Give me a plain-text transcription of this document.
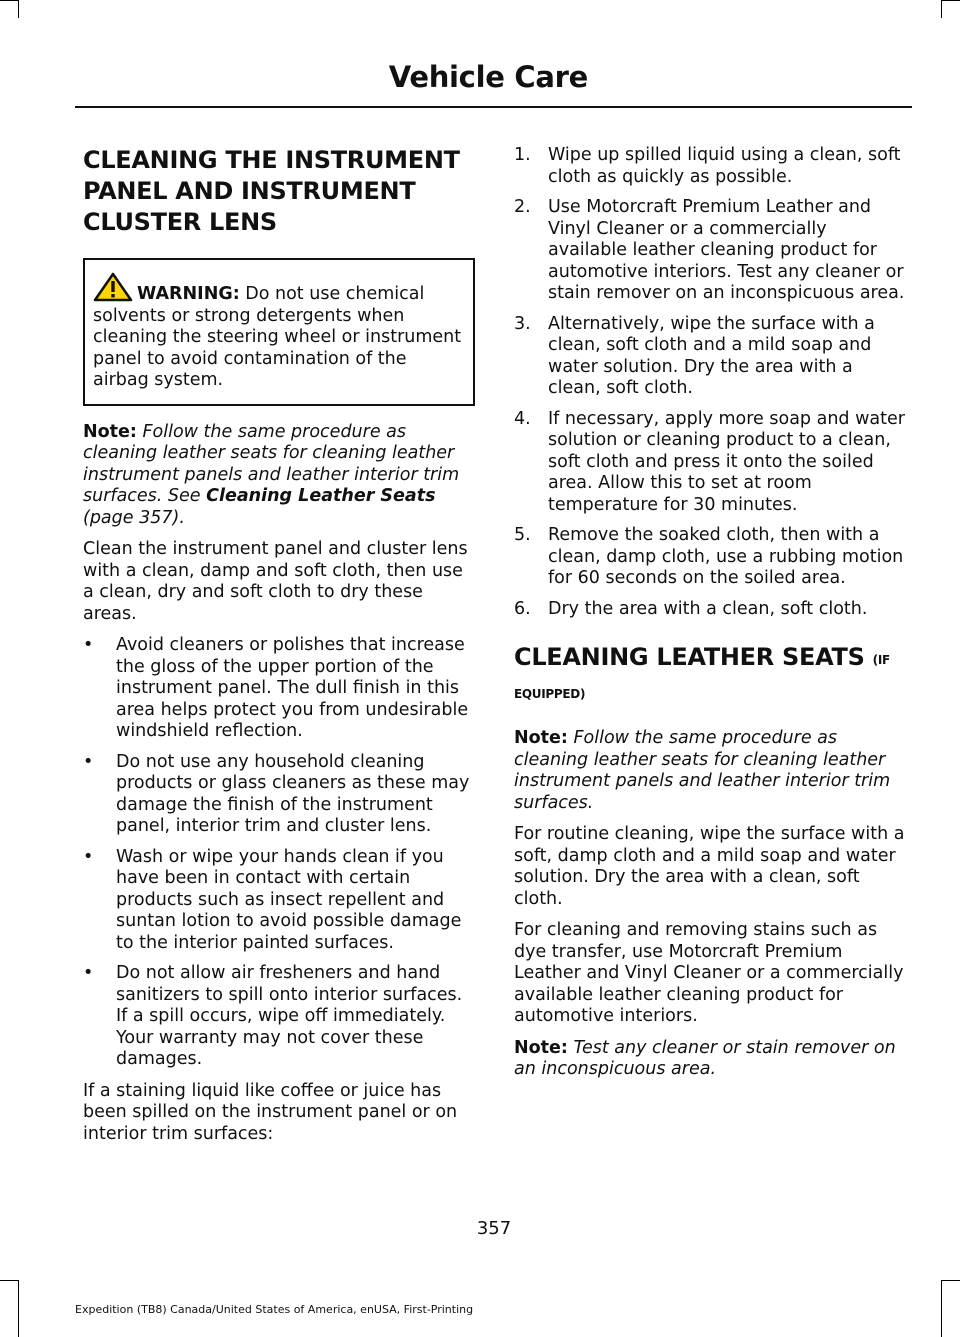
Vehicle Care
CLEANING THE INSTRUMENT
PANEL AND INSTRUMENT
CLUSTER LENS
WARNING: Do not use chemical solvents or strong detergents when cleaning the steering wheel or instrument panel to avoid contamination of the airbag system.

Note: Follow the same procedure as cleaning leather seats for cleaning leather instrument panels and leather interior trim surfaces. See Cleaning Leather Seats (page 357).

Clean the instrument panel and cluster lens with a clean, damp and soft cloth, then use a clean, dry and soft cloth to dry these areas.

• Avoid cleaners or polishes that increase the gloss of the upper portion of the instrument panel. The dull finish in this area helps protect you from undesirable windshield reflection.
• Do not use any household cleaning products or glass cleaners as these may damage the finish of the instrument panel, interior trim and cluster lens.
• Wash or wipe your hands clean if you have been in contact with certain products such as insect repellent and suntan lotion to avoid possible damage to the interior painted surfaces.
• Do not allow air fresheners and hand sanitizers to spill onto interior surfaces. If a spill occurs, wipe off immediately. Your warranty may not cover these damages.

If a staining liquid like coffee or juice has been spilled on the instrument panel or on interior trim surfaces:

1. Wipe up spilled liquid using a clean, soft cloth as quickly as possible.
2. Use Motorcraft Premium Leather and Vinyl Cleaner or a commercially available leather cleaning product for automotive interiors. Test any cleaner or stain remover on an inconspicuous area.
3. Alternatively, wipe the surface with a clean, soft cloth and a mild soap and water solution. Dry the area with a clean, soft cloth.
4. If necessary, apply more soap and water solution or cleaning product to a clean, soft cloth and press it onto the soiled area. Allow this to set at room temperature for 30 minutes.
5. Remove the soaked cloth, then with a clean, damp cloth, use a rubbing motion for 60 seconds on the soiled area.
6. Dry the area with a clean, soft cloth.
CLEANING LEATHER SEATS (IF EQUIPPED)

Note: Follow the same procedure as cleaning leather seats for cleaning leather instrument panels and leather interior trim surfaces.

For routine cleaning, wipe the surface with a soft, damp cloth and a mild soap and water solution. Dry the area with a clean, soft cloth.

For cleaning and removing stains such as dye transfer, use Motorcraft Premium Leather and Vinyl Cleaner or a commercially available leather cleaning product for automotive interiors.

Note: Test any cleaner or stain remover on an inconspicuous area.

357
Expedition (TB8) Canada/United States of America, enUSA, First-Printing
